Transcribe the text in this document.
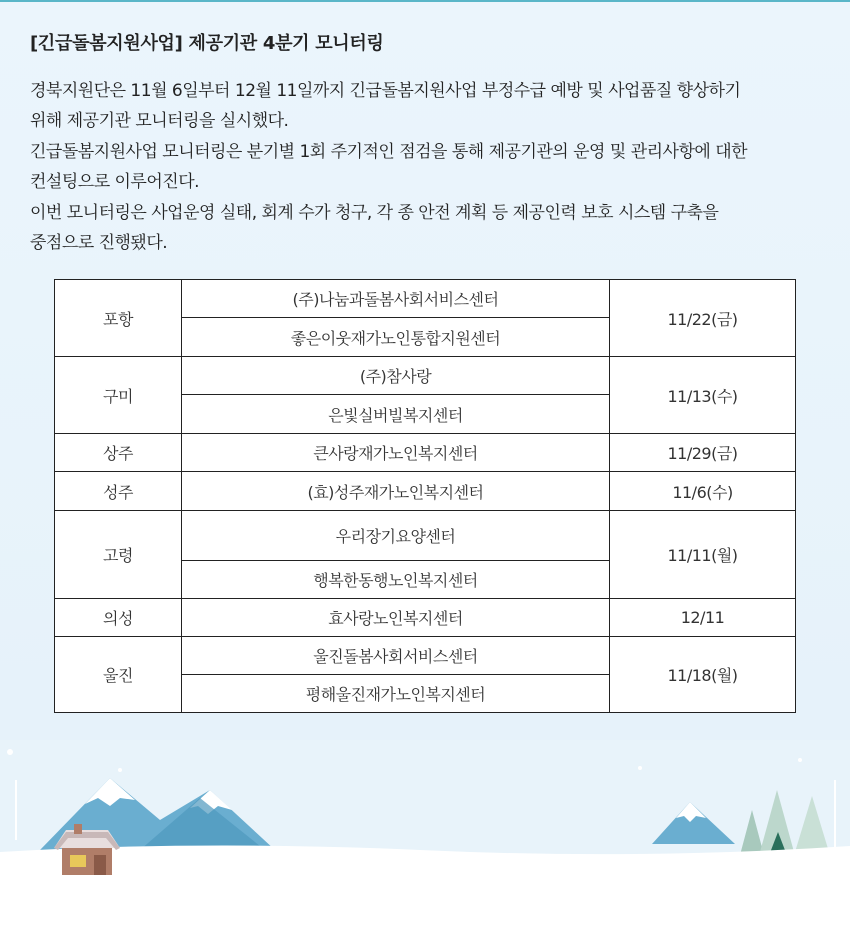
[긴급돌봄지원사업] 제공기관 4분기 모니터링

경북지원단은 11월 6일부터 12월 11일까지 긴급돌봄지원사업 부정수급 예방 및 사업품질 향상하기

위해 제공기관 모니터링을 실시했다.

긴급돌봄지원사업 모니터링은 분기별 1회 주기적인 점검을 통해 제공기관의 운영 및 관리사항에 대한

컨설팅으로 이루어진다.

이번 모니터링은 사업운영 실태, 회계 수가 청구, 각 종 안전 계획 등 제공인력 보호 시스템 구축을

중점으로 진행됐다.

포항	(주)나눔과돌봄사회서비스센터	11/22(금)
	좋은이웃재가노인통합지원센터	
구미	(주)참사랑	11/13(수)
	은빛실버빌복지센터	
상주	큰사랑재가노인복지센터	11/29(금)
성주	(효)성주재가노인복지센터	11/6(수)
고령	우리장기요양센터	11/11(월)
	행복한동행노인복지센터	
의성	효사랑노인복지센터	12/11
울진	울진돌봄사회서비스센터	11/18(월)
	평해울진재가노인복지센터	
